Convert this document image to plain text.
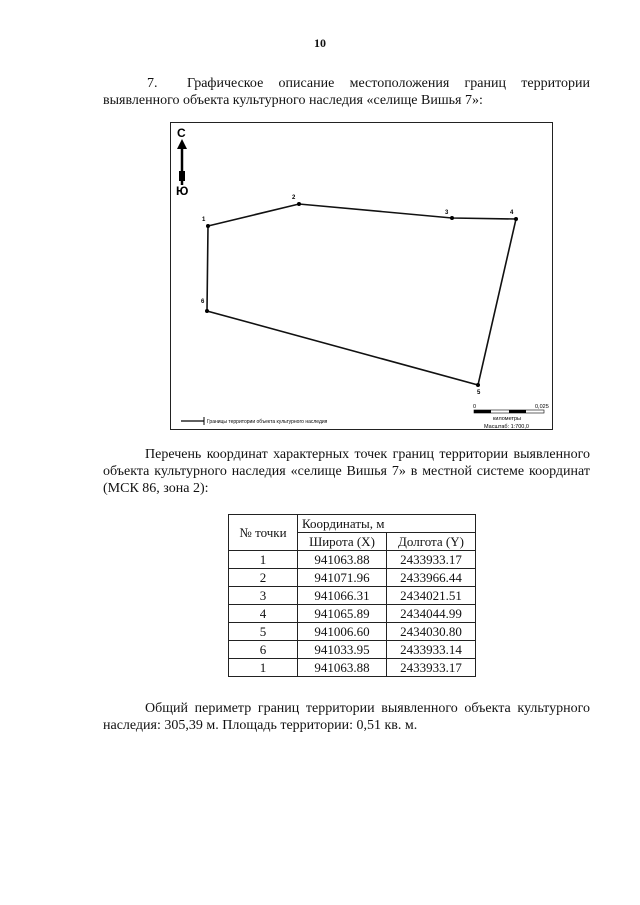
10
7. Графическое описание местоположения границ территории выявленного объекта культурного наследия «селище Вишья 7»:
С
Ю
1
2
3	4
5
6
Границы территории объекта культурного наследия
0	0,025
километры
Масштаб: 1:700,0
Перечень координат характерных точек границ территории выявленного объекта культурного наследия «селище Вишья 7» в местной системе координат (МСК 86, зона 2):
№ точки	Координаты, м	
	Широта (X)	Долгота (Y)
1	941063.88	2433933.17
2	941071.96	2433966.44
3	941066.31	2434021.51
4	941065.89	2434044.99
5	941006.60	2434030.80
6	941033.95	2433933.14
1	941063.88	2433933.17
Общий периметр границ территории выявленного объекта культурного наследия: 305,39 м. Площадь территории: 0,51 кв. м.
